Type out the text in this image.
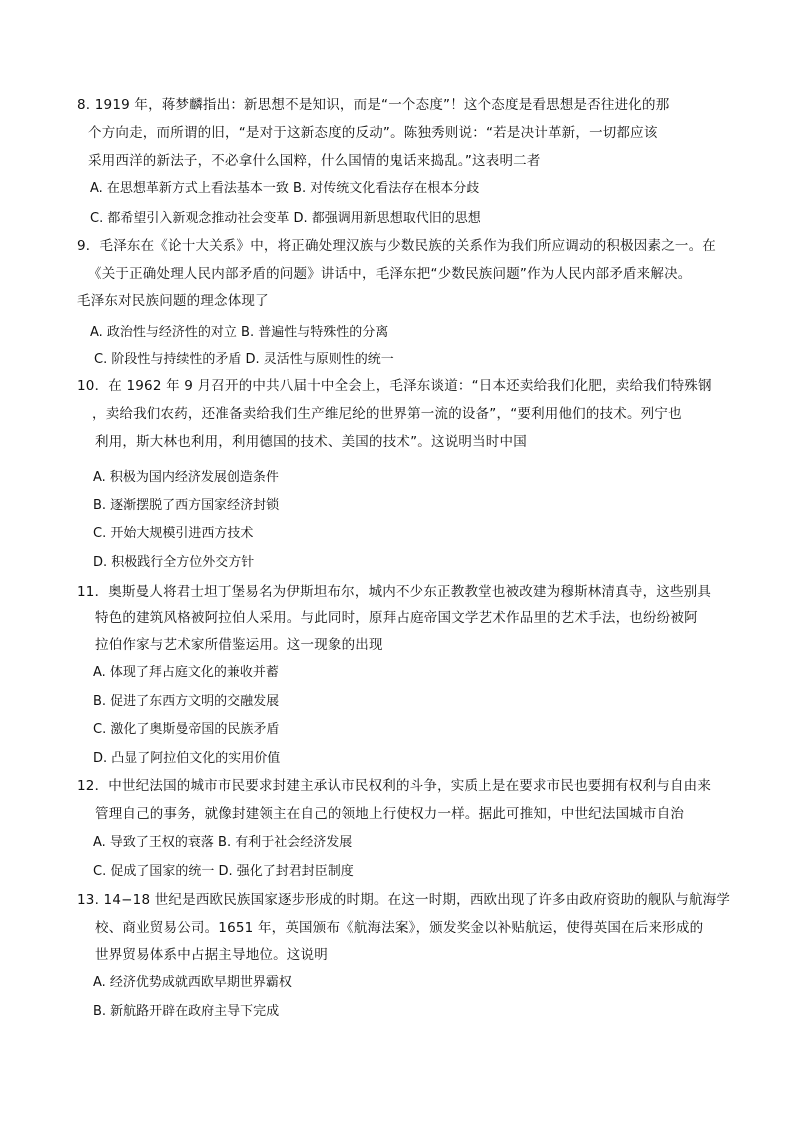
8. 1919 年，蒋梦麟指出：新思想不是知识，而是“一个态度”！这个态度是看思想是否往进化的那
个方向走，而所谓的旧，“是对于这新态度的反动”。陈独秀则说：“若是决计革新，一切都应该
采用西洋的新法子，不必拿什么国粹，什么国情的鬼话来捣乱。”这表明二者
A. 在思想革新方式上看法基本一致 B. 对传统文化看法存在根本分歧
C. 都希望引入新观念推动社会变革 D. 都强调用新思想取代旧的思想
9．毛泽东在《论十大关系》中，将正确处理汉族与少数民族的关系作为我们所应调动的积极因素之一。在
《关于正确处理人民内部矛盾的问题》讲话中，毛泽东把“少数民族问题”作为人民内部矛盾来解决。
毛泽东对民族问题的理念体现了
A. 政治性与经济性的对立 B. 普遍性与特殊性的分离
C. 阶段性与持续性的矛盾 D. 灵活性与原则性的统一
10．在 1962 年 9 月召开的中共八届十中全会上，毛泽东谈道：“日本还卖给我们化肥，卖给我们特殊钢
，卖给我们农药，还准备卖给我们生产维尼纶的世界第一流的设备”，“要利用他们的技术。列宁也
利用，斯大林也利用，利用德国的技术、美国的技术”。这说明当时中国
A. 积极为国内经济发展创造条件
B. 逐渐摆脱了西方国家经济封锁
C. 开始大规模引进西方技术
D. 积极践行全方位外交方针
11．奥斯曼人将君士坦丁堡易名为伊斯坦布尔，城内不少东正教教堂也被改建为穆斯林清真寺，这些别具
特色的建筑风格被阿拉伯人采用。与此同时，原拜占庭帝国文学艺术作品里的艺术手法，也纷纷被阿
拉伯作家与艺术家所借鉴运用。这一现象的出现
A. 体现了拜占庭文化的兼收并蓄
B. 促进了东西方文明的交融发展
C. 激化了奥斯曼帝国的民族矛盾
D. 凸显了阿拉伯文化的实用价值
12．中世纪法国的城市市民要求封建主承认市民权利的斗争，实质上是在要求市民也要拥有权利与自由来
管理自己的事务，就像封建领主在自己的领地上行使权力一样。据此可推知，中世纪法国城市自治
A. 导致了王权的衰落 B. 有利于社会经济发展
C. 促成了国家的统一 D. 强化了封君封臣制度
13. 14−18 世纪是西欧民族国家逐步形成的时期。在这一时期，西欧出现了许多由政府资助的舰队与航海学
校、商业贸易公司。1651 年，英国颁布《航海法案》，颁发奖金以补贴航运，使得英国在后来形成的
世界贸易体系中占据主导地位。这说明
A. 经济优势成就西欧早期世界霸权
B. 新航路开辟在政府主导下完成
